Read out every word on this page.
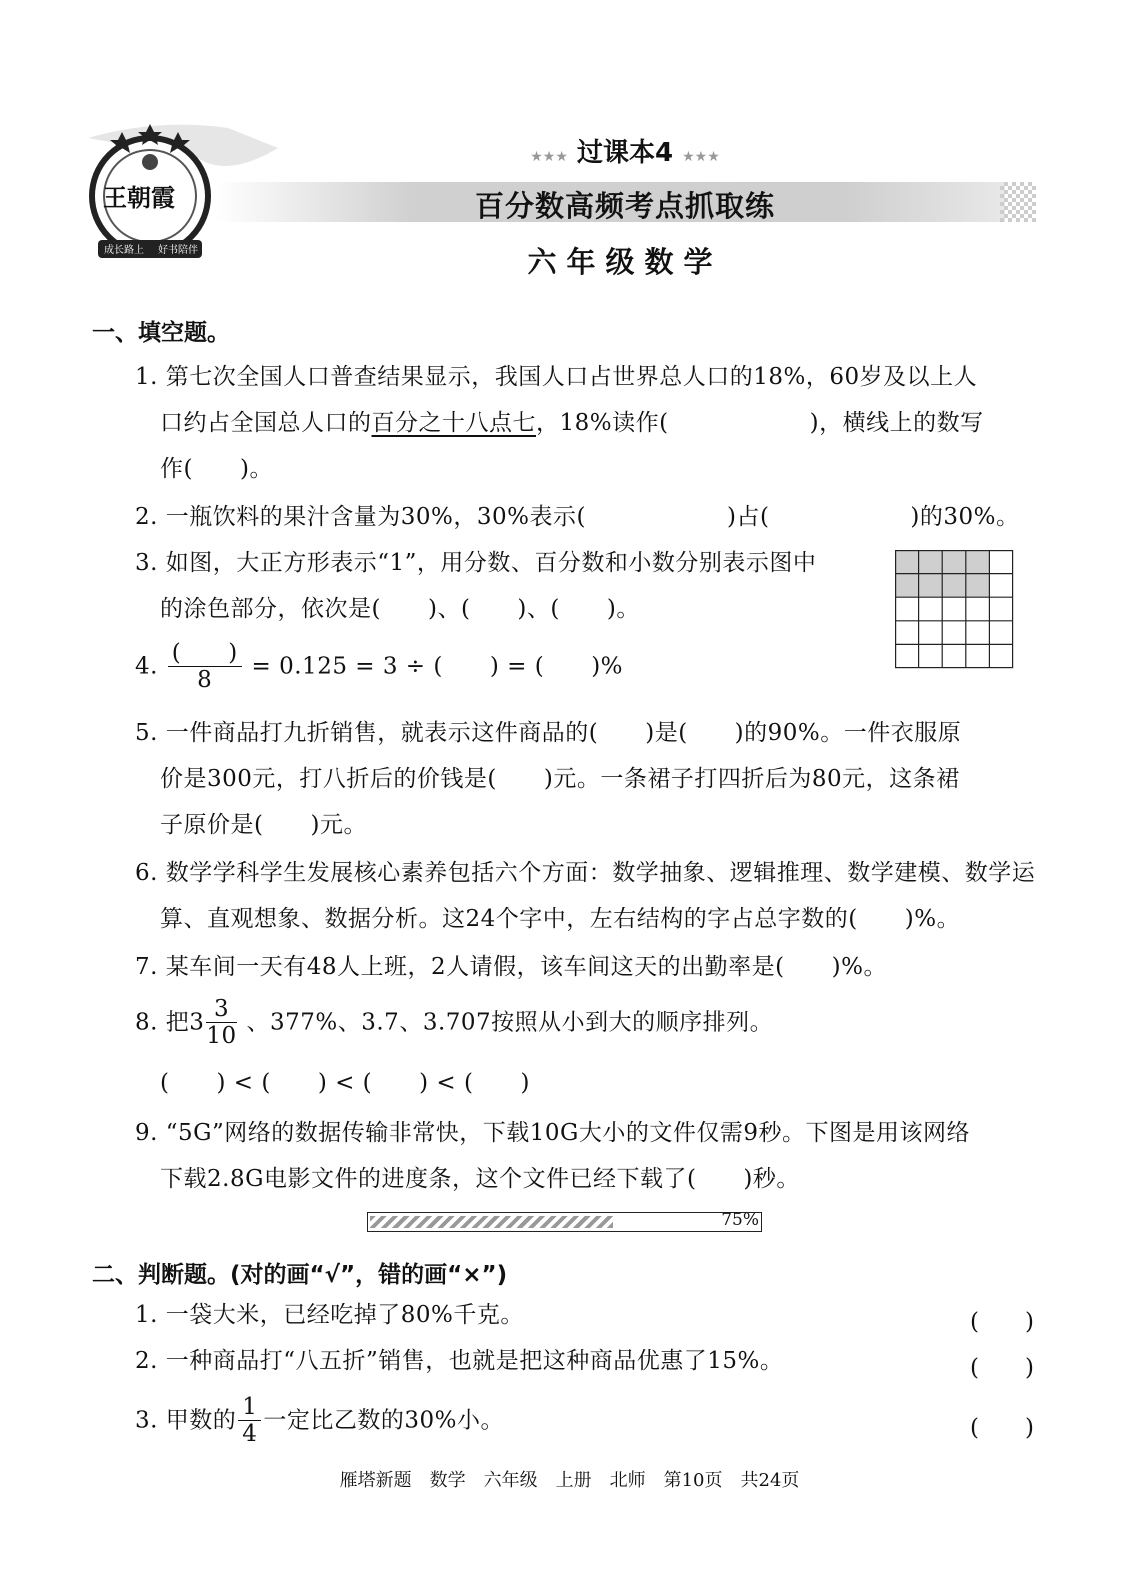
王朝霞
成长路上 好书陪伴
★★★ 过课本4 ★★★
百分数高频考点抓取练
六年级数学
一、填空题。
1. 第七次全国人口普查结果显示，我国人口占世界总人口的18%，60岁及以上人
口约占全国总人口的百分之十八点七，18%读作(　　　　　　)，横线上的数写
作(　　)。
2. 一瓶饮料的果汁含量为30%，30%表示(　　　　　　)占(　　　　　　)的30%。
3. 如图，大正方形表示“1”，用分数、百分数和小数分别表示图中
的涂色部分，依次是(　　)、(　　)、(　　)。
4. $\frac{( )}{8} = 0.125 = 3$ ÷ (　　) = (　　)%
5. 一件商品打九折销售，就表示这件商品的(　　)是(　　)的90%。一件衣服原
价是300元，打八折后的价钱是(　　)元。一条裙子打四折后为80元，这条裙
子原价是(　　)元。
6. 数学学科学生发展核心素养包括六个方面：数学抽象、逻辑推理、数学建模、数学运
算、直观想象、数据分析。这24个字中，左右结构的字占总字数的(　　)%。
7. 某车间一天有48人上班，2人请假，该车间这天的出勤率是(　　)%。
8. 把$3 \frac{3}{10}$ 、377%、3.7、3.707按照从小到大的顺序排列。
(　　) < (　　) < (　　) < (　　)
9. “5G”网络的数据传输非常快，下载10G大小的文件仅需9秒。下图是用该网络
下载2.8G电影文件的进度条，这个文件已经下载了(　　)秒。
75%
二、判断题。(对的画“√”，错的画“×”)
1. 一袋大米，已经吃掉了80%千克。	(　　)
2. 一种商品打“八五折”销售，也就是把这种商品优惠了15%。	(　　)
3. 甲数的 $\frac{1}{4}$ 一定比乙数的30%小。	(　　)
雁塔新题　数学　六年级　上册　北师　第10页　共24页
